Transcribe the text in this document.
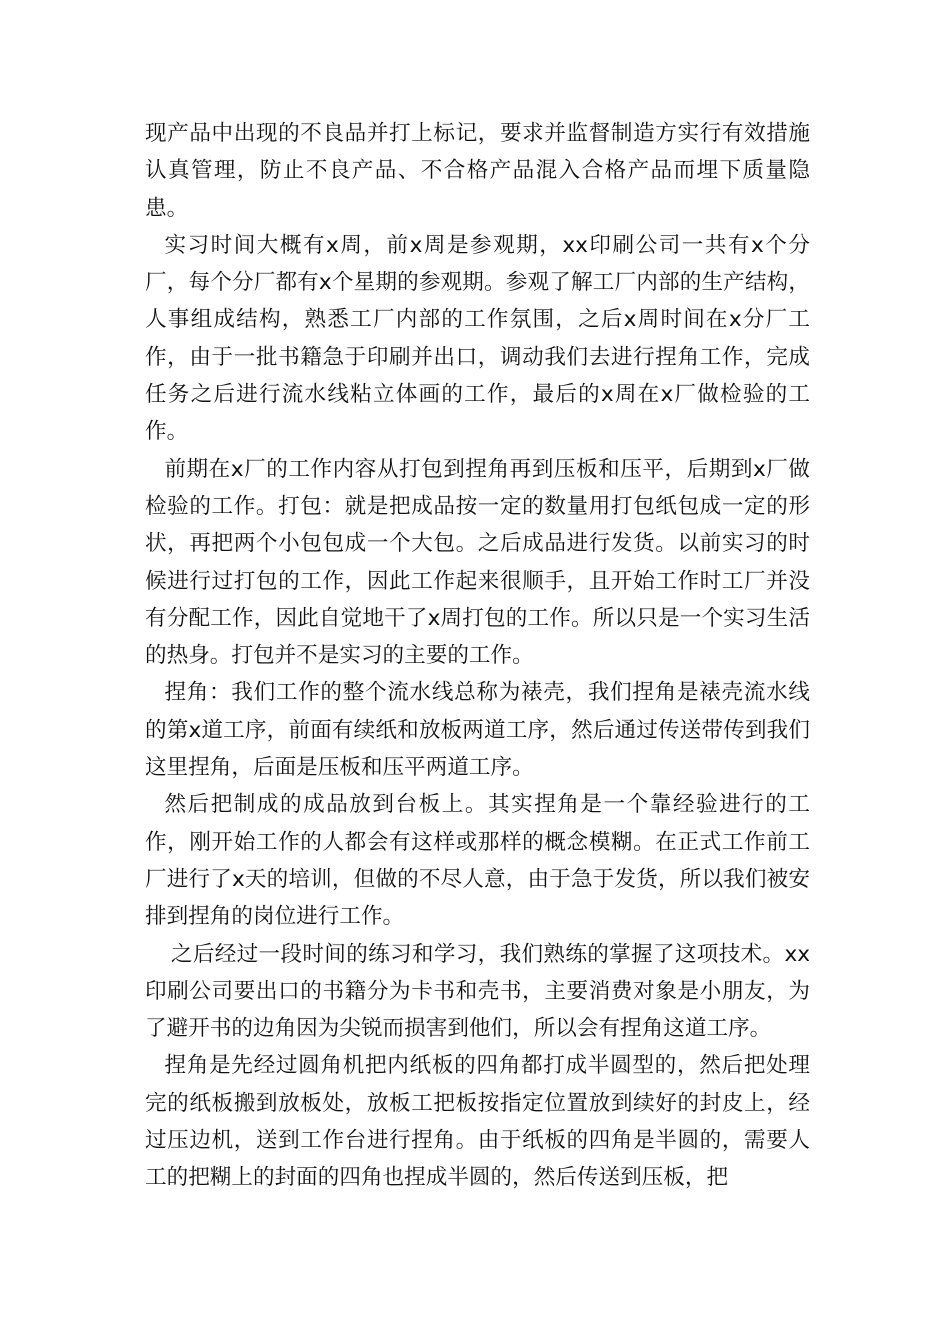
现产品中出现的不良品并打上标记，要求并监督制造方实行有效措施认真管理，防止不良产品、不合格产品混入合格产品而埋下质量隐患。

实习时间大概有x周，前x周是参观期，xx印刷公司一共有x个分厂，每个分厂都有x个星期的参观期。参观了解工厂内部的生产结构，人事组成结构，熟悉工厂内部的工作氛围，之后x周时间在x分厂工作，由于一批书籍急于印刷并出口，调动我们去进行捏角工作，完成任务之后进行流水线粘立体画的工作，最后的x周在x厂做检验的工作。

前期在x厂的工作内容从打包到捏角再到压板和压平，后期到x厂做检验的工作。打包：就是把成品按一定的数量用打包纸包成一定的形状，再把两个小包包成一个大包。之后成品进行发货。以前实习的时候进行过打包的工作，因此工作起来很顺手，且开始工作时工厂并没有分配工作，因此自觉地干了x周打包的工作。所以只是一个实习生活的热身。打包并不是实习的主要的工作。

捏角：我们工作的整个流水线总称为裱壳，我们捏角是裱壳流水线的第x道工序，前面有续纸和放板两道工序，然后通过传送带传到我们这里捏角，后面是压板和压平两道工序。

然后把制成的成品放到台板上。其实捏角是一个靠经验进行的工作，刚开始工作的人都会有这样或那样的概念模糊。在正式工作前工厂进行了x天的培训，但做的不尽人意，由于急于发货，所以我们被安排到捏角的岗位进行工作。

之后经过一段时间的练习和学习，我们熟练的掌握了这项技术。xx印刷公司要出口的书籍分为卡书和壳书，主要消费对象是小朋友，为了避开书的边角因为尖锐而损害到他们，所以会有捏角这道工序。

捏角是先经过圆角机把内纸板的四角都打成半圆型的，然后把处理完的纸板搬到放板处，放板工把板按指定位置放到续好的封皮上，经过压边机，送到工作台进行捏角。由于纸板的四角是半圆的，需要人工的把糊上的封面的四角也捏成半圆的，然后传送到压板，把
